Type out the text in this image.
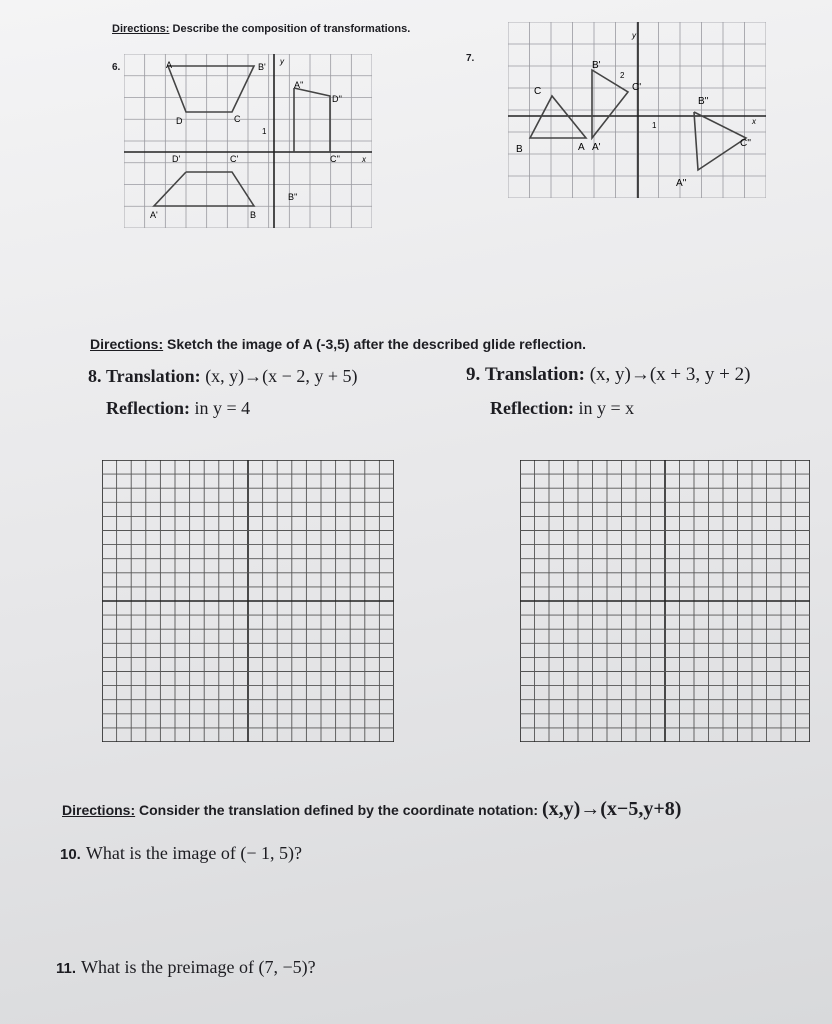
Directions: Describe the composition of transformations.
6.	A	B'
y
A''
D''
D	C
1
D'	C'	C''	x
B''
A'	B
7.
y
B'
2
C'
C
B''
x
1
C''
B	A A'
A''
Directions: Sketch the image of A (-3,5) after the described glide reflection.
8. Translation: (x, y)→(x − 2, y + 5)
Reflection: in y = 4
9. Translation: (x, y)→(x + 3, y + 2)
Reflection: in y = x
Directions: Consider the translation defined by the coordinate notation: (x,y)→(x−5,y+8)
10. What is the image of (− 1, 5)?
11. What is the preimage of (7, −5)?
